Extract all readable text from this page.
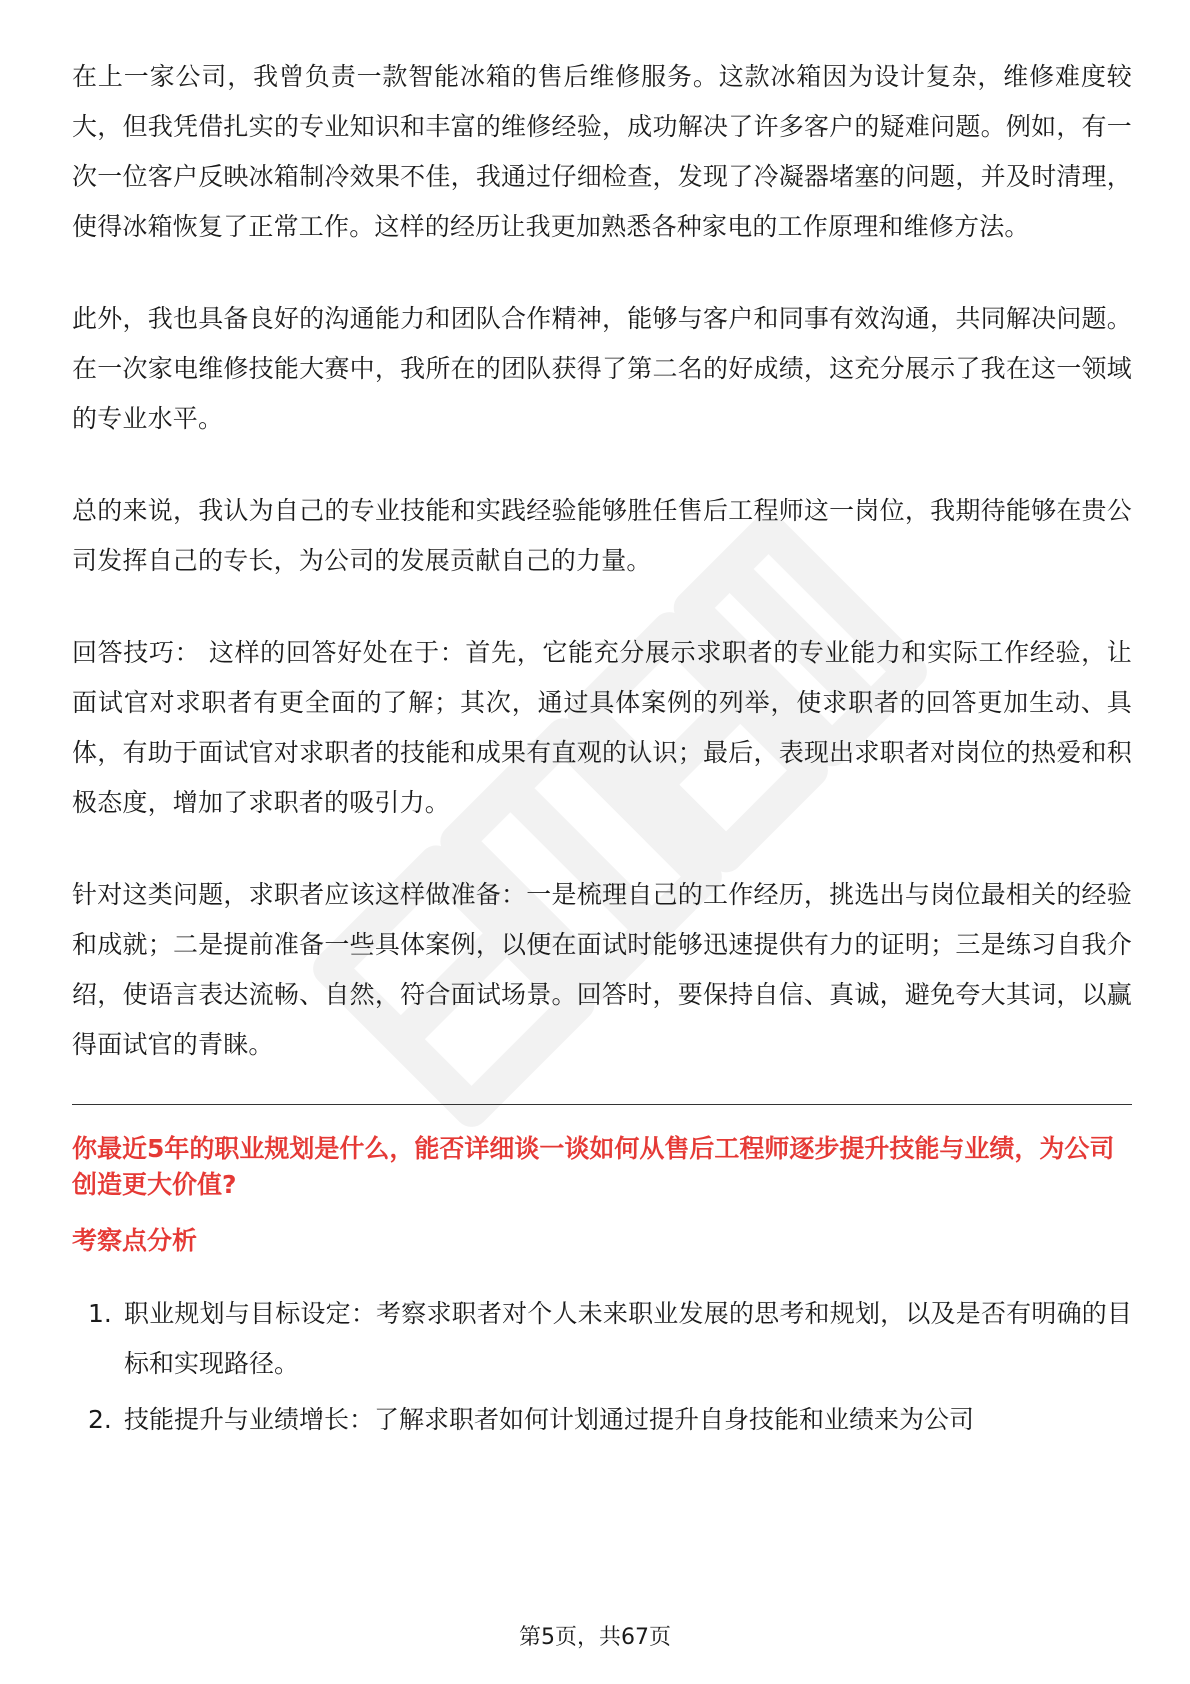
在上一家公司，我曾负责一款智能冰箱的售后维修服务。这款冰箱因为设计复杂，维修难度较大，但我凭借扎实的专业知识和丰富的维修经验，成功解决了许多客户的疑难问题。例如，有一次一位客户反映冰箱制冷效果不佳，我通过仔细检查，发现了冷凝器堵塞的问题，并及时清理，使得冰箱恢复了正常工作。这样的经历让我更加熟悉各种家电的工作原理和维修方法。

此外，我也具备良好的沟通能力和团队合作精神，能够与客户和同事有效沟通，共同解决问题。在一次家电维修技能大赛中，我所在的团队获得了第二名的好成绩，这充分展示了我在这一领域的专业水平。

总的来说，我认为自己的专业技能和实践经验能够胜任售后工程师这一岗位，我期待能够在贵公司发挥自己的专长，为公司的发展贡献自己的力量。

回答技巧： 这样的回答好处在于：首先，它能充分展示求职者的专业能力和实际工作经验，让面试官对求职者有更全面的了解；其次，通过具体案例的列举，使求职者的回答更加生动、具体，有助于面试官对求职者的技能和成果有直观的认识；最后，表现出求职者对岗位的热爱和积极态度，增加了求职者的吸引力。

针对这类问题，求职者应该这样做准备：一是梳理自己的工作经历，挑选出与岗位最相关的经验和成就；二是提前准备一些具体案例，以便在面试时能够迅速提供有力的证明；三是练习自我介绍，使语言表达流畅、自然，符合面试场景。回答时，要保持自信、真诚，避免夸大其词，以赢得面试官的青睐。

你最近5年的职业规划是什么，能否详细谈一谈如何从售后工程师逐步提升技能与业绩，为公司创造更大价值?

考察点分析

1. 职业规划与目标设定：考察求职者对个人未来职业发展的思考和规划，以及是否有明确的目标和实现路径。
2. 技能提升与业绩增长：了解求职者如何计划通过提升自身技能和业绩来为公司
第5页，共67页
